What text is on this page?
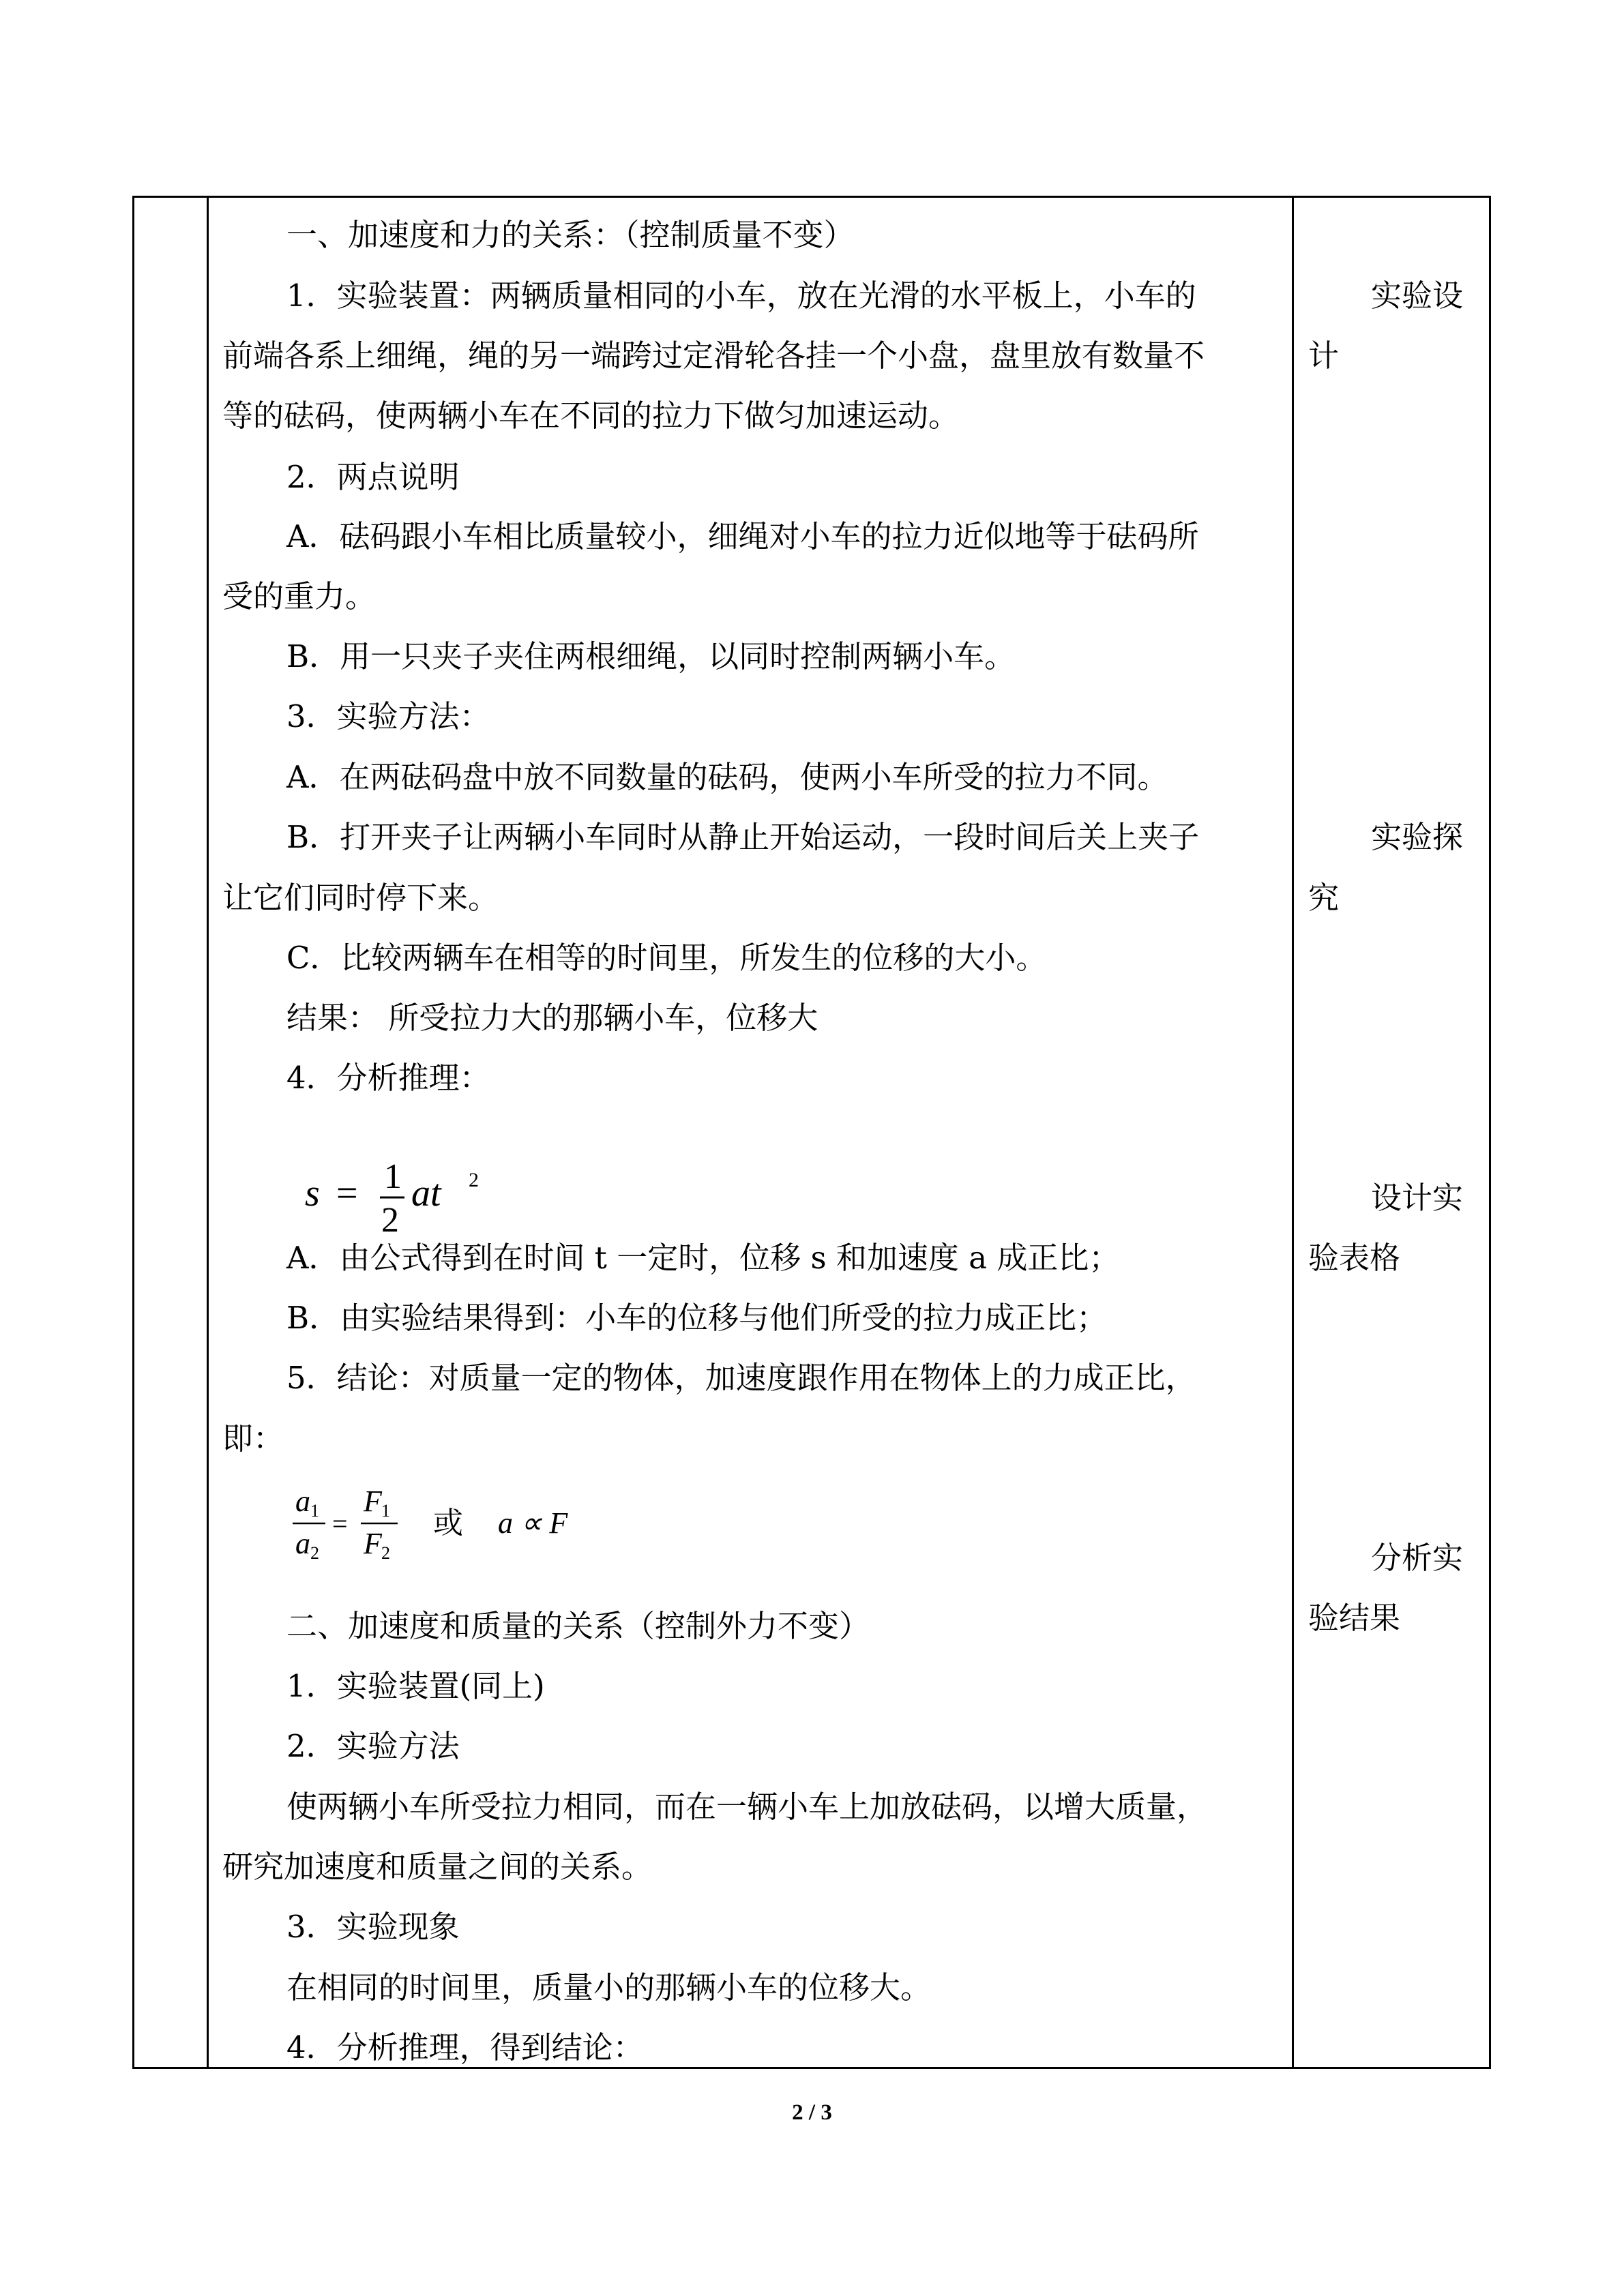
一、加速度和力的关系：（控制质量不变）
1．实验装置：两辆质量相同的小车，放在光滑的水平板上，小车的
前端各系上细绳，绳的另一端跨过定滑轮各挂一个小盘，盘里放有数量不
等的砝码，使两辆小车在不同的拉力下做匀加速运动。
2．两点说明
A．砝码跟小车相比质量较小，细绳对小车的拉力近似地等于砝码所
受的重力。
B．用一只夹子夹住两根细绳，以同时控制两辆小车。
3．实验方法：
A．在两砝码盘中放不同数量的砝码，使两小车所受的拉力不同。
B．打开夹子让两辆小车同时从静止开始运动，一段时间后关上夹子
让它们同时停下来。
C．比较两辆车在相等的时间里，所发生的位移的大小。
结果： 所受拉力大的那辆小车，位移大
4．分析推理：
s = 1
2
at 2
A．由公式得到在时间 t 一定时，位移 s 和加速度 a 成正比；
B．由实验结果得到：小车的位移与他们所受的拉力成正比；
5．结论：对质量一定的物体，加速度跟作用在物体上的力成正比，
即：
a 1
a 2
=
F 1
F 2
或 a ∝ F
二、加速度和质量的关系（控制外力不变）
1．实验装置(同上)
2．实验方法
使两辆小车所受拉力相同，而在一辆小车上加放砝码，以增大质量，
研究加速度和质量之间的关系。
3．实验现象
在相同的时间里，质量小的那辆小车的位移大。
4．分析推理，得到结论：
实验设
计
实验探
究
设计实
验表格
分析实
验结果
2 / 3
